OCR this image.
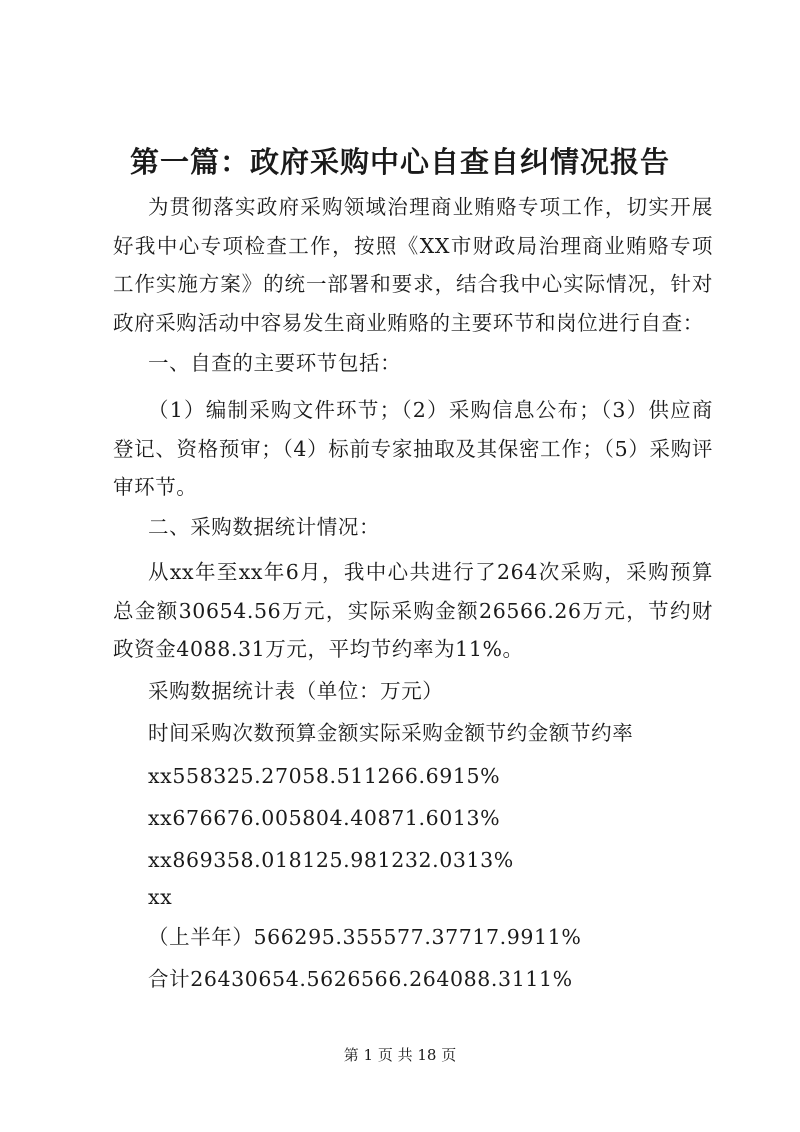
第一篇：政府采购中心自查自纠情况报告
为贯彻落实政府采购领域治理商业贿赂专项工作，切实开展好我中心专项检查工作，按照《XX市财政局治理商业贿赂专项工作实施方案》的统一部署和要求，结合我中心实际情况，针对政府采购活动中容易发生商业贿赂的主要环节和岗位进行自查：
一、自查的主要环节包括：
（1）编制采购文件环节；（2）采购信息公布；（3）供应商登记、资格预审；（4）标前专家抽取及其保密工作；（5）采购评审环节。
二、采购数据统计情况：
从xx年至xx年6月，我中心共进行了264次采购，采购预算总金额30654.56万元，实际采购金额26566.26万元，节约财政资金4088.31万元，平均节约率为11%。
采购数据统计表（单位：万元）
时间采购次数预算金额实际采购金额节约金额节约率
xx558325.27058.511266.6915%
xx676676.005804.40871.6013%
xx869358.018125.981232.0313%
xx
（上半年）566295.355577.37717.9911%
合计26430654.5626566.264088.3111%
第 1 页 共 18 页
